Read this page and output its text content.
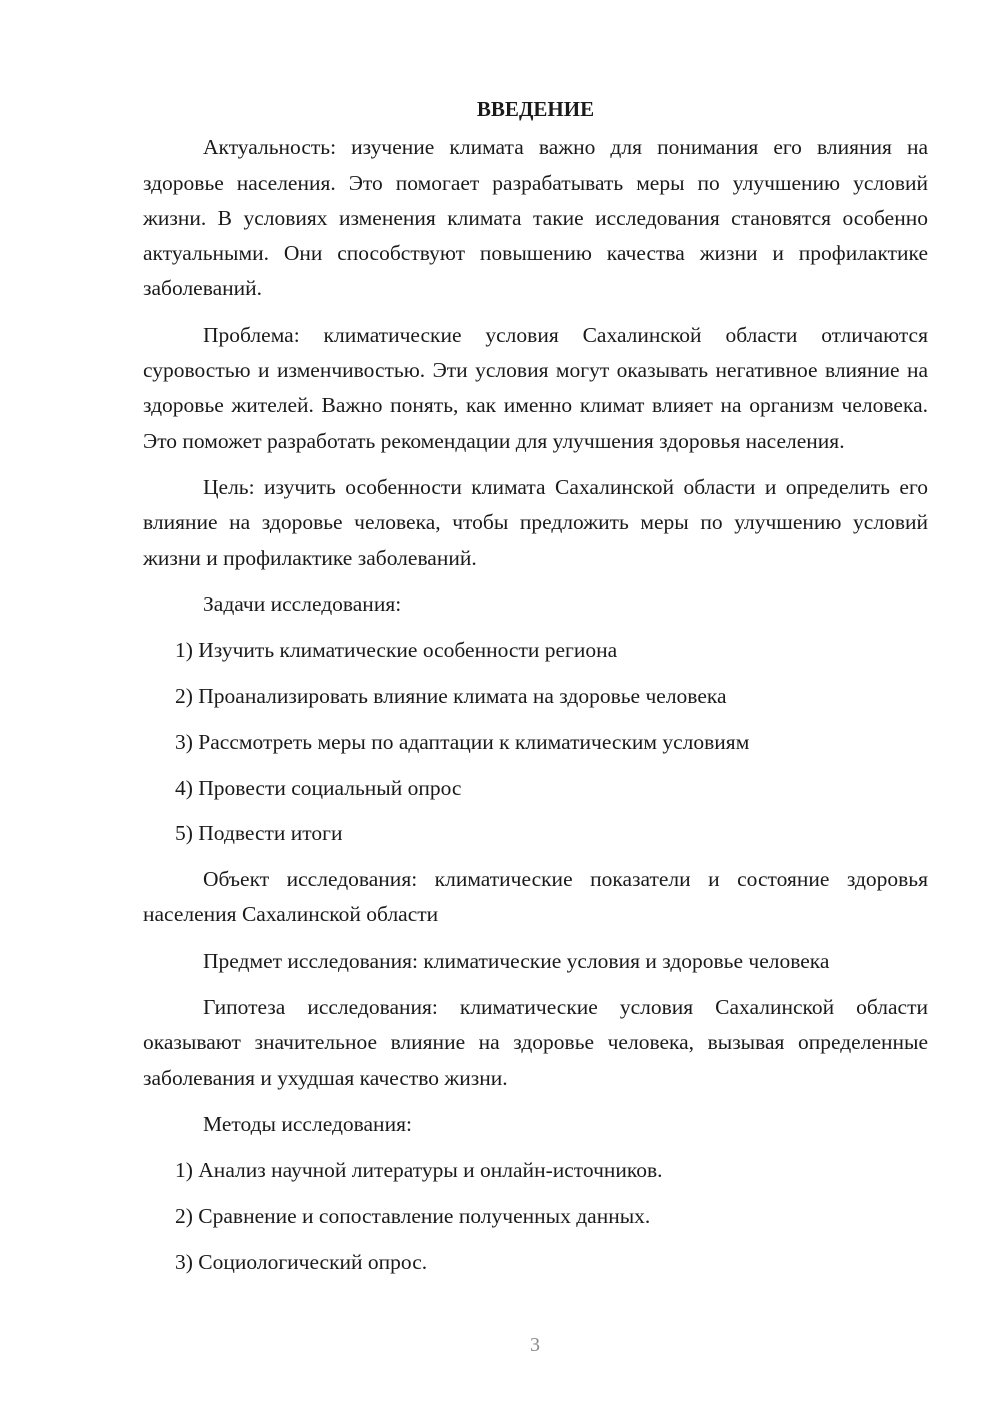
ВВЕДЕНИЕ

Актуальность: изучение климата важно для понимания его влияния на здоровье населения. Это помогает разрабатывать меры по улучшению условий жизни. В условиях изменения климата такие исследования становятся особенно актуальными. Они способствуют повышению качества жизни и профилактике заболеваний.

Проблема: климатические условия Сахалинской области отличаются суровостью и изменчивостью. Эти условия могут оказывать негативное влияние на здоровье жителей. Важно понять, как именно климат влияет на организм человека. Это поможет разработать рекомендации для улучшения здоровья населения.

Цель: изучить особенности климата Сахалинской области и определить его влияние на здоровье человека, чтобы предложить меры по улучшению условий жизни и профилактике заболеваний.

Задачи исследования:

1) Изучить климатические особенности региона

2) Проанализировать влияние климата на здоровье человека

3) Рассмотреть меры по адаптации к климатическим условиям

4) Провести социальный опрос

5) Подвести итоги

Объект исследования: климатические показатели и состояние здоровья населения Сахалинской области

Предмет исследования: климатические условия и здоровье человека

Гипотеза исследования: климатические условия Сахалинской области оказывают значительное влияние на здоровье человека, вызывая определенные заболевания и ухудшая качество жизни.

Методы исследования:

1) Анализ научной литературы и онлайн-источников.

2) Сравнение и сопоставление полученных данных.

3) Социологический опрос.

3
